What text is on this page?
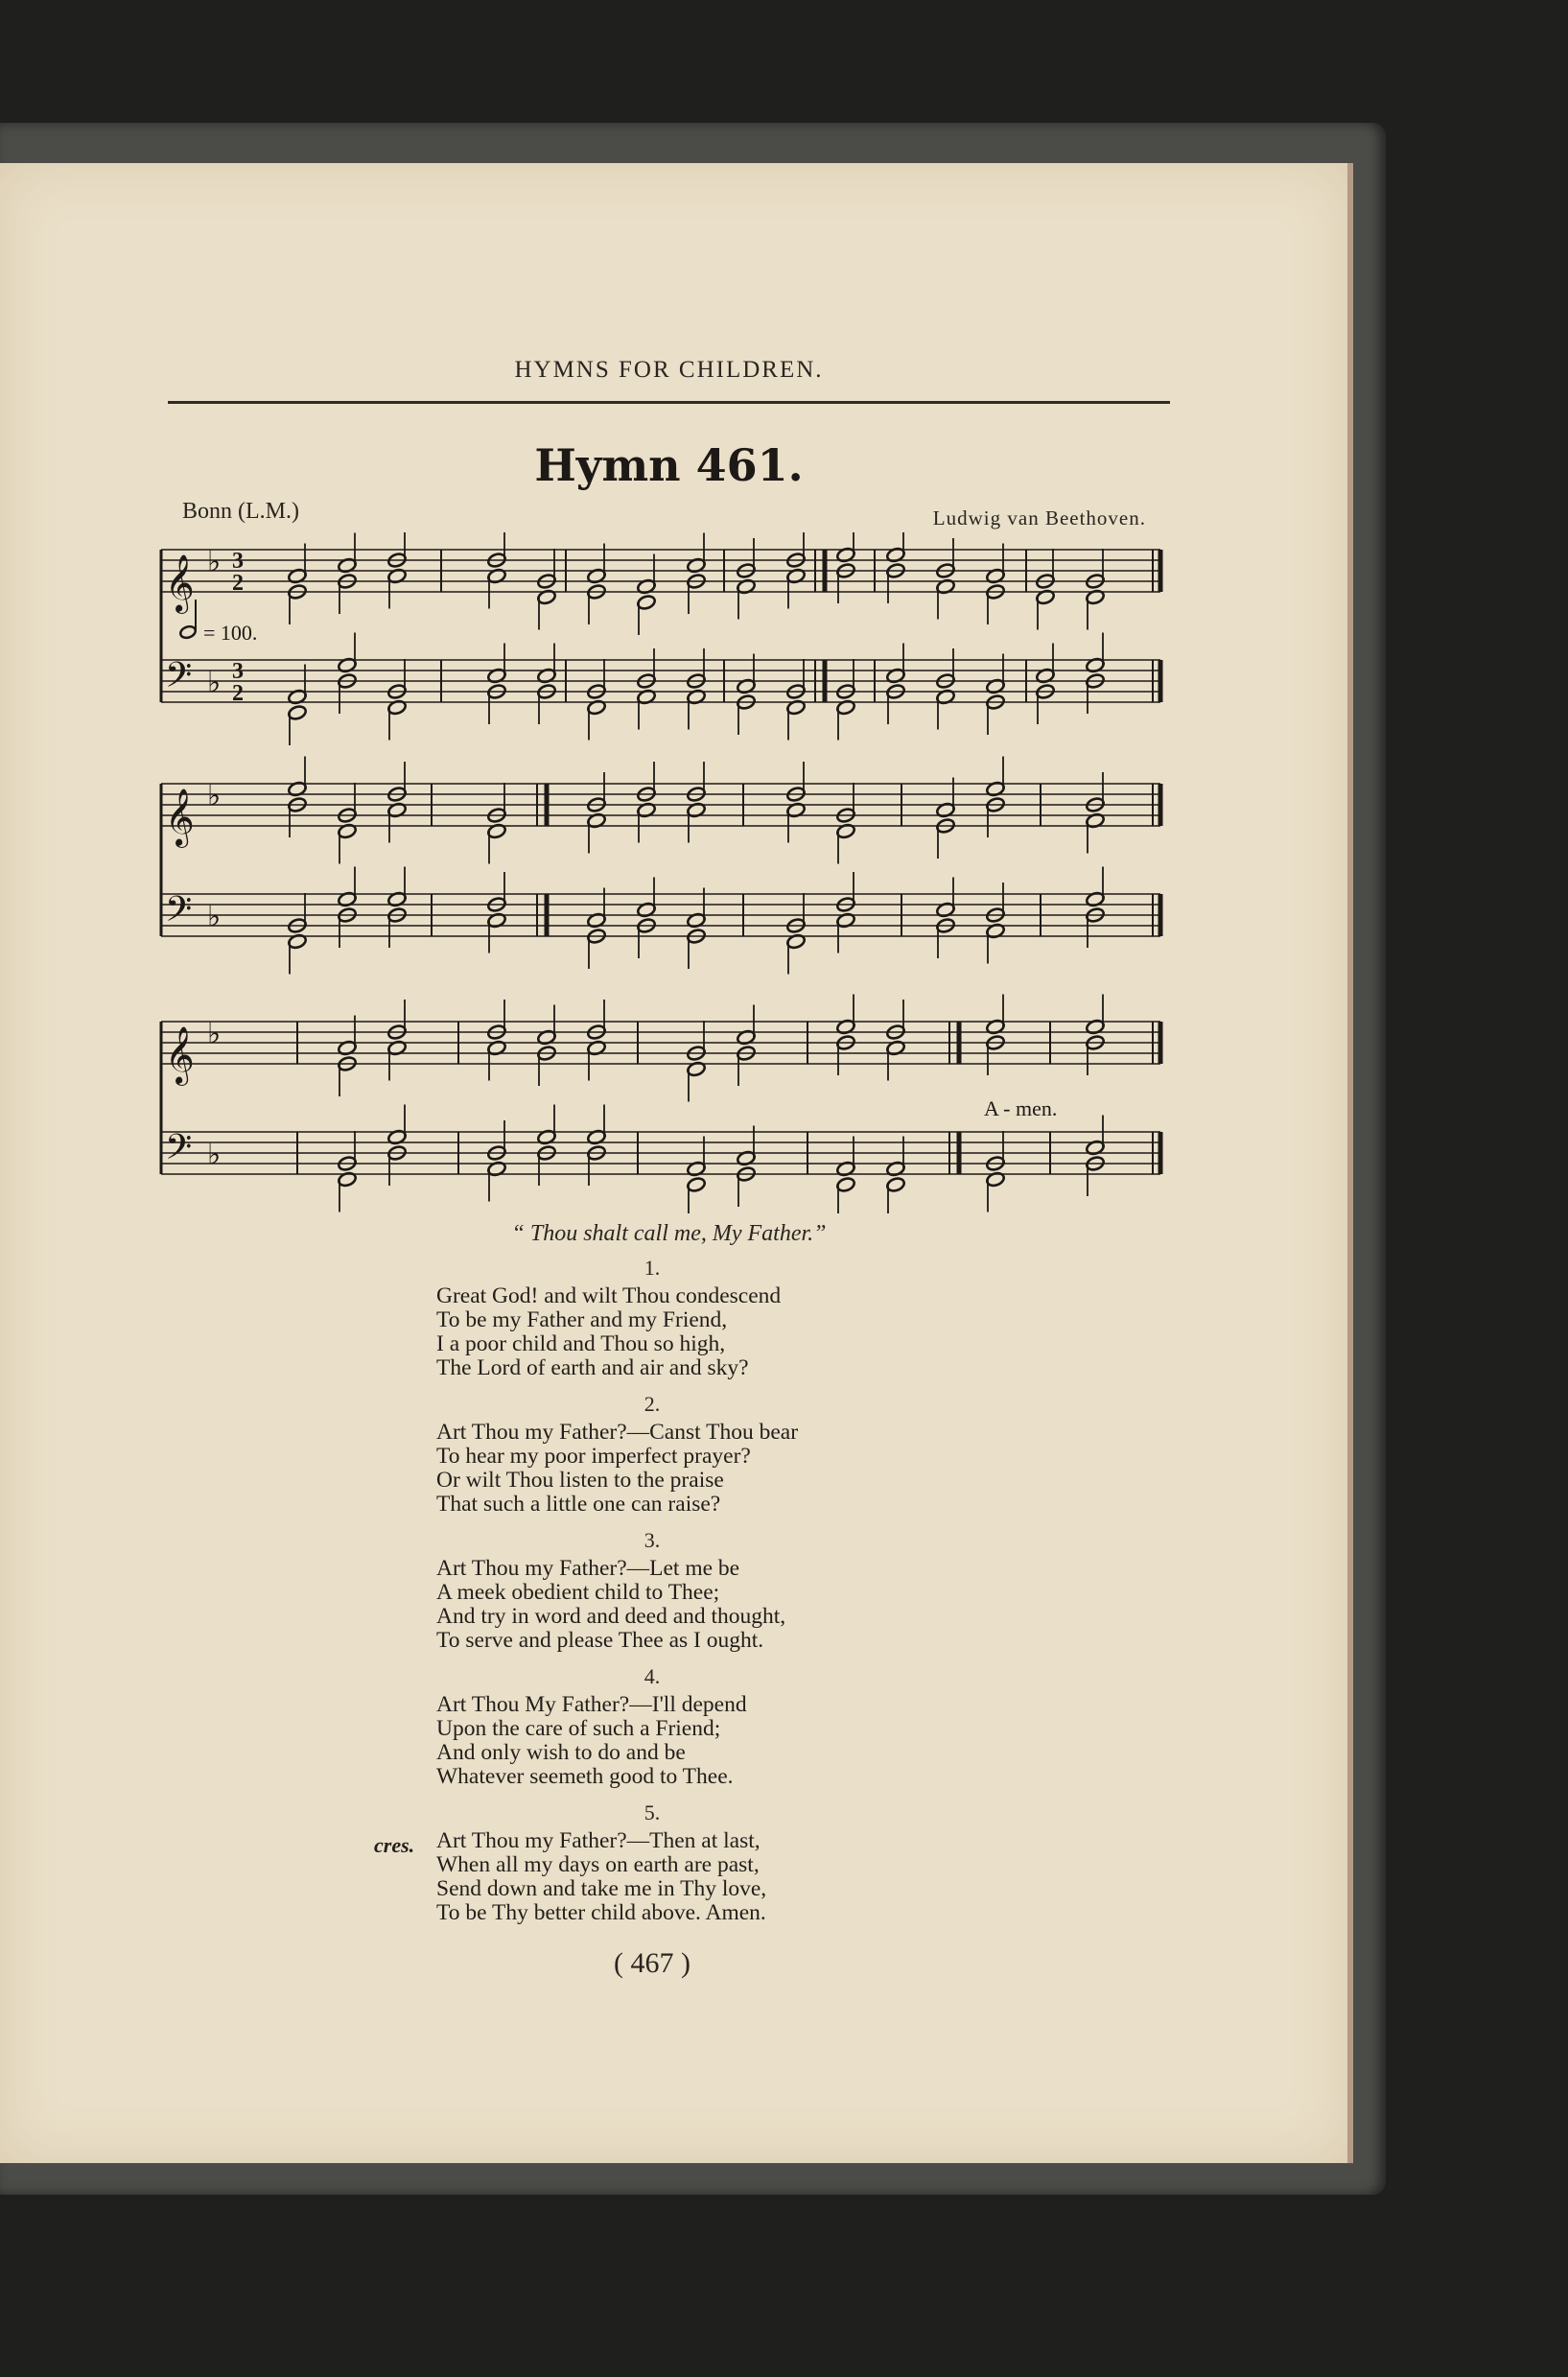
HYMNS FOR CHILDREN.
Hymn 461.
Bonn (L.M.)	Ludwig van Beethoven.
= 100.
𝄞 ♭ 3
2
𝄢 ♭ 3
2
𝄞 ♭
𝄢 ♭
𝄞 ♭
𝄢 ♭
A - men.
“ Thou shalt call me, My Father.”
1.
Great God! and wilt Thou condescend
To be my Father and my Friend,
I a poor child and Thou so high,
The Lord of earth and air and sky?
2.
Art Thou my Father?—Canst Thou bear
To hear my poor imperfect prayer?
Or wilt Thou listen to the praise
That such a little one can raise?
3.
Art Thou my Father?—Let me be
A meek obedient child to Thee;
And try in word and deed and thought,
To serve and please Thee as I ought.
4.
Art Thou My Father?—I'll depend
Upon the care of such a Friend;
And only wish to do and be
Whatever seemeth good to Thee.
5.
cres. Art Thou my Father?—Then at last,
When all my days on earth are past,
Send down and take me in Thy love,
To be Thy better child above. Amen.
( 467 )
